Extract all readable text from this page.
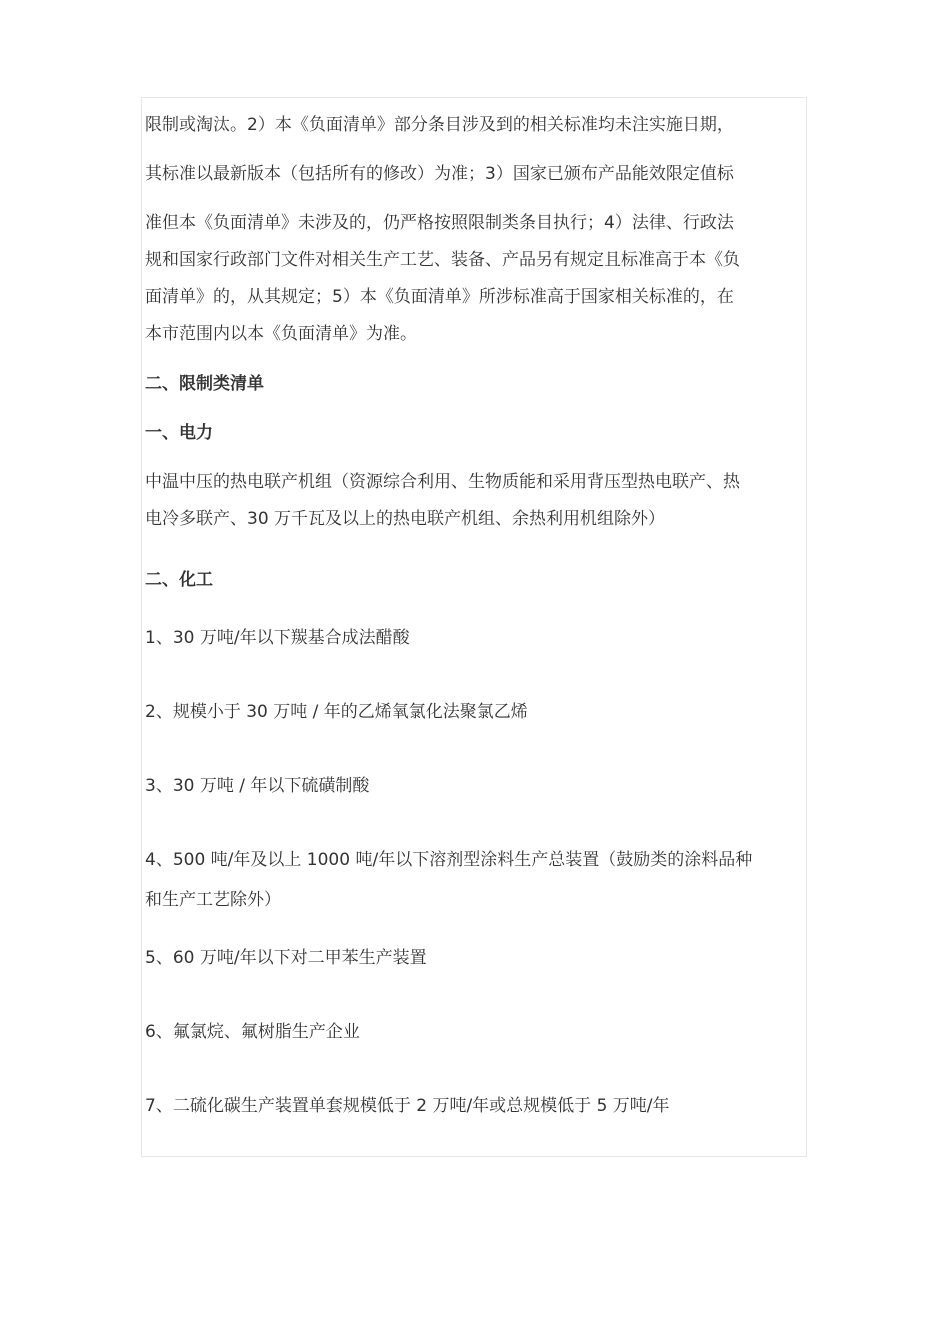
限制或淘汰。2）本《负面清单》部分条目涉及到的相关标准均未注实施日期，

其标准以最新版本（包括所有的修改）为准；3）国家已颁布产品能效限定值标

准但本《负面清单》未涉及的，仍严格按照限制类条目执行；4）法律、行政法

规和国家行政部门文件对相关生产工艺、装备、产品另有规定且标准高于本《负

面清单》的，从其规定；5）本《负面清单》所涉标准高于国家相关标准的，在

本市范围内以本《负面清单》为准。

二、限制类清单

一、电力

中温中压的热电联产机组（资源综合利用、生物质能和采用背压型热电联产、热

电冷多联产、30 万千瓦及以上的热电联产机组、余热利用机组除外）

二、化工

1、30 万吨/年以下羰基合成法醋酸

2、规模小于 30 万吨 / 年的乙烯氧氯化法聚氯乙烯

3、30 万吨 / 年以下硫磺制酸

4、500 吨/年及以上 1000 吨/年以下溶剂型涂料生产总装置（鼓励类的涂料品种

和生产工艺除外）

5、60 万吨/年以下对二甲苯生产装置

6、氟氯烷、氟树脂生产企业

7、二硫化碳生产装置单套规模低于 2 万吨/年或总规模低于 5 万吨/年
